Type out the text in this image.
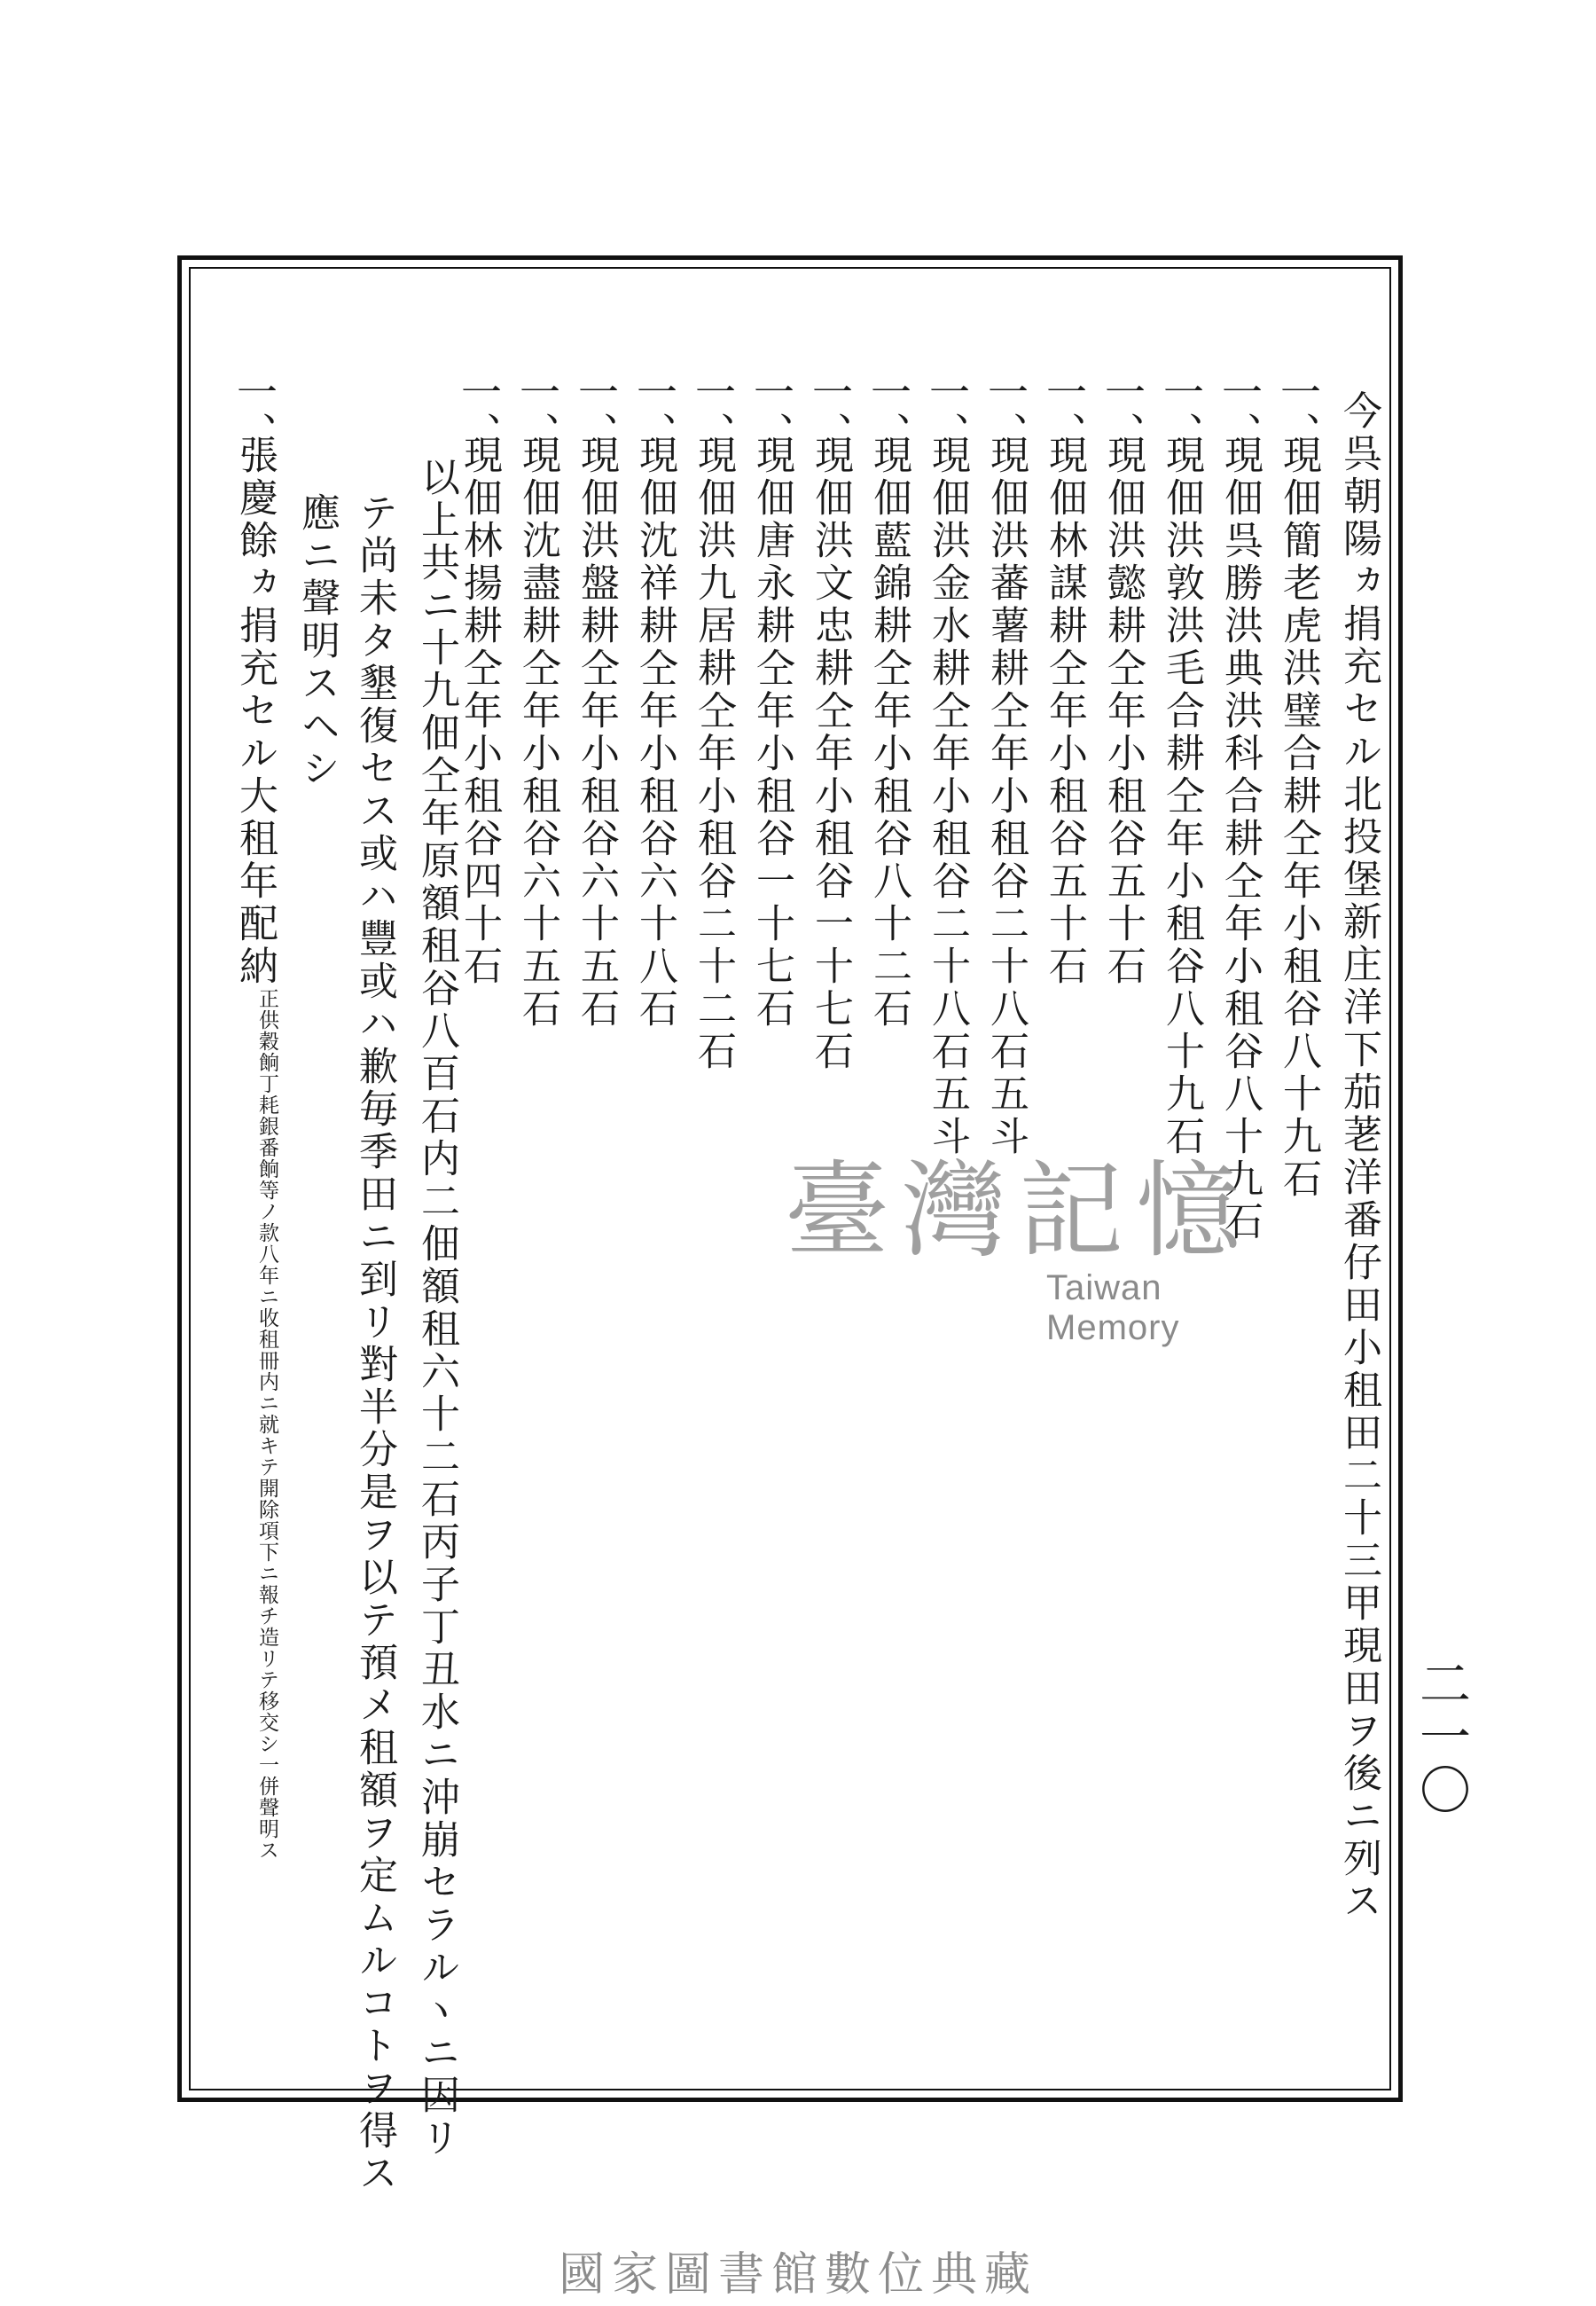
二一〇
今呉朝陽ヵ捐充セル北投堡新庄洋下茄荖洋番仔田小租田二十三甲現田ヲ後ニ列ス
一、
現佃簡老虎洪璧合耕仝年小租谷八十九石
一、
現佃呉勝洪典洪科合耕仝年小租谷八十九石
一、
現佃洪敦洪毛合耕仝年小租谷八十九石
一、
現佃洪懿耕仝年小租谷五十石
一、
現佃林謀耕仝年小租谷五十石
一、
現佃洪蕃薯耕仝年小租谷二十八石五斗
一、
現佃洪金水耕仝年小租谷二十八石五斗
一、
現佃藍錦耕仝年小租谷八十二石
一、
現佃洪文忠耕仝年小租谷一十七石
一、
現佃唐永耕仝年小租谷一十七石
一、
現佃洪九居耕仝年小租谷二十二石
一、
現佃沈祥耕仝年小租谷六十八石
一、
現佃洪盤耕仝年小租谷六十五石
一、
現佃沈盡耕仝年小租谷六十五石
一、
現佃林揚耕仝年小租谷四十石
以上共ニ十九佃仝年原額租谷八百石内二佃額租六十二石丙子丁丑水ニ沖崩セラルヽニ因リ
テ尚未タ墾復セス或ハ豐或ハ歉毎季田ニ到リ對半分是ヲ以テ預メ租額ヲ定ムルコトヲ得ス
應ニ聲明スヘシ
一、
張慶餘ヵ捐充セル大租年配納正供穀餉丁耗銀番餉等ノ款八年ニ收租冊内ニ就キテ開除項下ニ報チ造リテ移交シ一併聲明ス
臺灣記憶
Taiwan Memory
國家圖書館數位典藏
